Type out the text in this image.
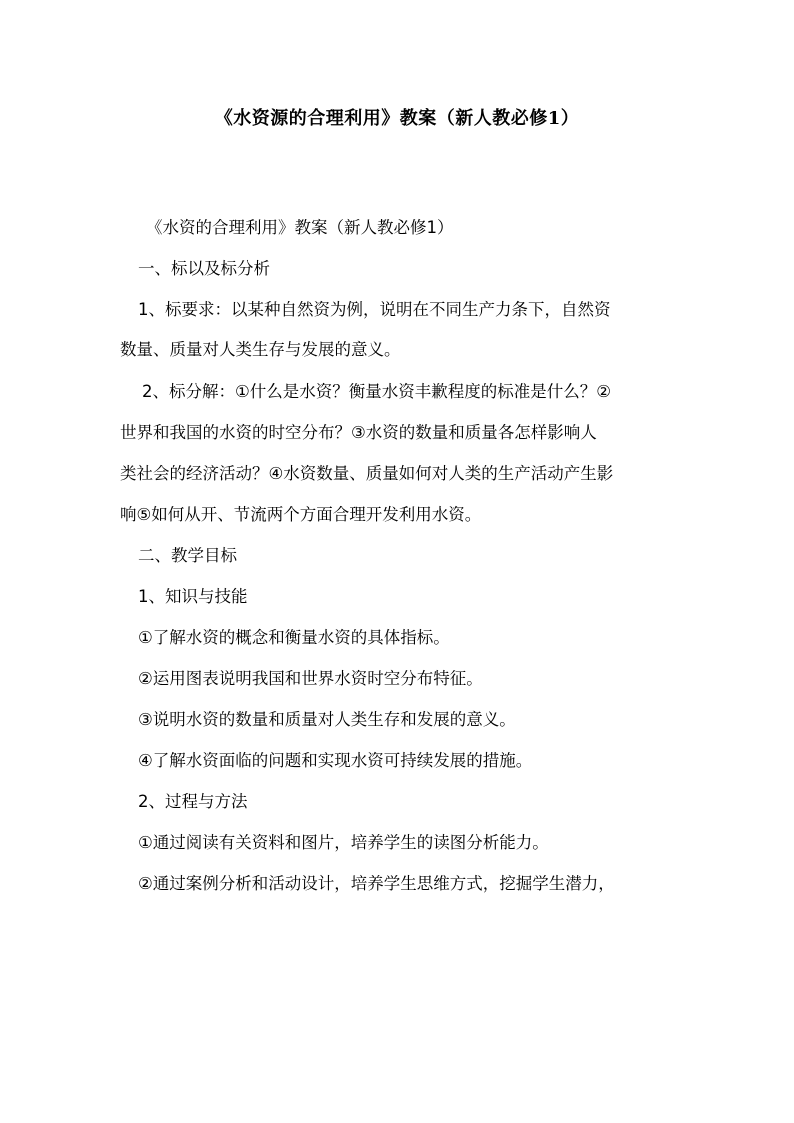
《水资源的合理利用》教案（新人教必修1）
《水资的合理利用》教案（新人教必修1）
一、标以及标分析
1、标要求：以某种自然资为例，说明在不同生产力条下，自然资
数量、质量对人类生存与发展的意义。
2、标分解：①什么是水资？衡量水资丰歉程度的标准是什么？②
世界和我国的水资的时空分布？③水资的数量和质量各怎样影响人
类社会的经济活动？④水资数量、质量如何对人类的生产活动产生影
响⑤如何从开、节流两个方面合理开发利用水资。
二、教学目标
1、知识与技能
①了解水资的概念和衡量水资的具体指标。
②运用图表说明我国和世界水资时空分布特征。
③说明水资的数量和质量对人类生存和发展的意义。
④了解水资面临的问题和实现水资可持续发展的措施。
2、过程与方法
①通过阅读有关资料和图片，培养学生的读图分析能力。
②通过案例分析和活动设计，培养学生思维方式，挖掘学生潜力，
